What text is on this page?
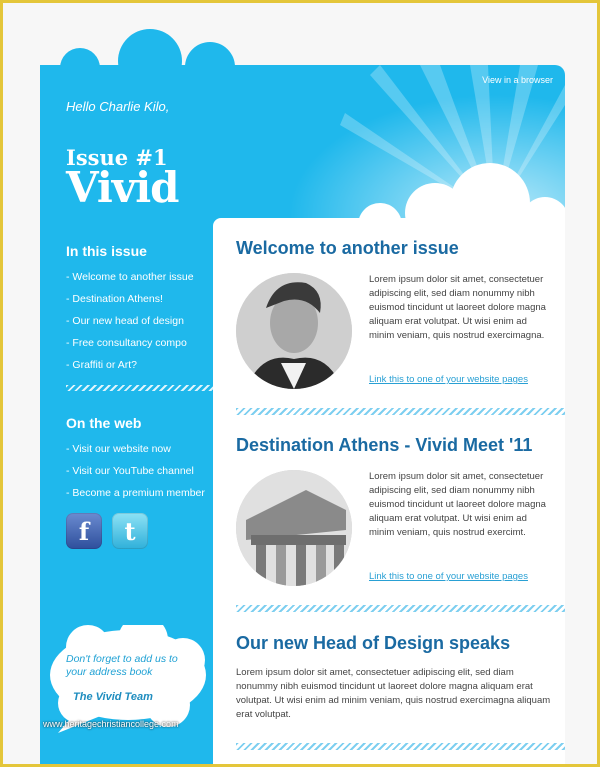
View in a browser
Hello Charlie Kilo,
Issue #1
Vivid
In this issue
- Welcome to another issue
- Destination Athens!
- Our new head of design
- Free consultancy compo
- Graffiti or Art?
On the web
- Visit our website now
- Visit our YouTube channel
- Become a premium member
f	t
Don't forget to add us to your address book
The Vivid Team
Welcome to another issue
Lorem ipsum dolor sit amet, consectetuer adipiscing elit, sed diam nonummy nibh euismod tincidunt ut laoreet dolore magna aliquam erat volutpat. Ut wisi enim ad minim veniam, quis nostrud exercimagna.
Link this to one of your website pages
Destination Athens - Vivid Meet '11
Lorem ipsum dolor sit amet, consectetuer adipiscing elit, sed diam nonummy nibh euismod tincidunt ut laoreet dolore magna aliquam erat volutpat. Ut wisi enim ad minim veniam, quis nostrud exercimt.
Link this to one of your website pages
Our new Head of Design speaks
Lorem ipsum dolor sit amet, consectetuer adipiscing elit, sed diam nonummy nibh euismod tincidunt ut laoreet dolore magna aliquam erat volutpat. Ut wisi enim ad minim veniam, quis nostrud exercimagna aliquam erat volutpat.
www.heritagechristiancollege.com
